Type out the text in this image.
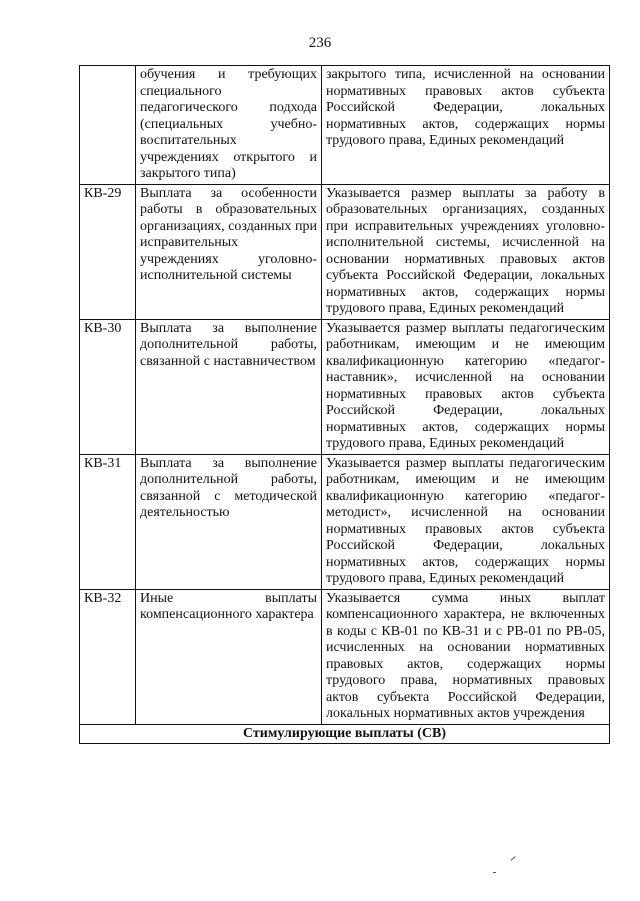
236
	обучения и требующих специального педагогического подхода (специальных учебно-воспитательных учреждениях открытого и закрытого типа)	закрытого типа, исчисленной на основании нормативных правовых актов субъекта Российской Федерации, локальных нормативных актов, содержащих нормы трудового права, Единых рекомендаций
КВ-29	Выплата за особенности работы в образовательных организациях, созданных при исправительных учреждениях уголовно-исполнительной системы	Указывается размер выплаты за работу в образовательных организациях, созданных при исправительных учреждениях уголовно-исполнительной системы, исчисленной на основании нормативных правовых актов субъекта Российской Федерации, локальных нормативных актов, содержащих нормы трудового права, Единых рекомендаций
КВ-30	Выплата за выполнение дополнительной работы, связанной с наставничеством	Указывается размер выплаты педагогическим работникам, имеющим и не имеющим квалификационную категорию «педагог-наставник», исчисленной на основании нормативных правовых актов субъекта Российской Федерации, локальных нормативных актов, содержащих нормы трудового права, Единых рекомендаций
КВ-31	Выплата за выполнение дополнительной работы, связанной с методической деятельностью	Указывается размер выплаты педагогическим работникам, имеющим и не имеющим квалификационную категорию «педагог-методист», исчисленной на основании нормативных правовых актов субъекта Российской Федерации, локальных нормативных актов, содержащих нормы трудового права, Единых рекомендаций
КВ-32	Иные выплаты компенсационного характера	Указывается сумма иных выплат компенсационного характера, не включенных в коды с КВ-01 по КВ-31 и с РВ-01 по РВ-05, исчисленных на основании нормативных правовых актов, содержащих нормы трудового права, нормативных правовых актов субъекта Российской Федерации, локальных нормативных актов учреждения
Стимулирующие выплаты (СВ)		
